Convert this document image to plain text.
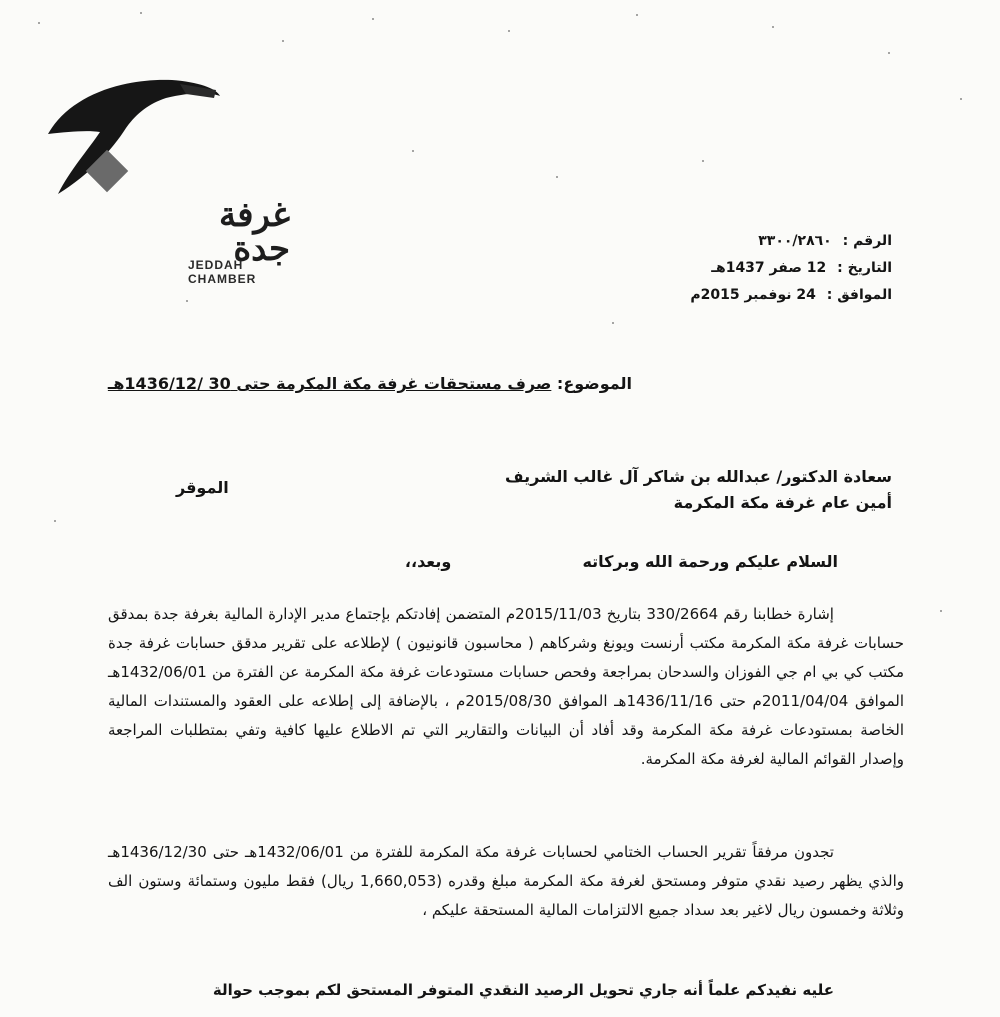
غرفة جدة
JEDDAH CHAMBER
الرقم : ٣٣٠٠/٢٨٦٠
التاريخ : 12 صفر 1437هـ
الموافق : 24 نوفمبر 2015م
الموضوع: صرف مستحقات غرفة مكة المكرمة حتى 30 /1436/12هـ
سعادة الدكتور/ عبدالله بن شاكر آل غالب الشريف
أمين عام غرفة مكة المكرمة
الموقر
السلام عليكم ورحمة الله وبركاته  وبعد،،
إشارة خطابنا رقم 330/2664 بتاريخ 2015/11/03م المتضمن إفادتكم بإجتماع مدير الإدارة المالية بغرفة جدة بمدقق حسابات غرفة مكة المكرمة مكتب أرنست ويونغ وشركاهم ( محاسبون قانونيون ) لإطلاعه على تقرير مدقق حسابات غرفة جدة مكتب كي بي ام جي الفوزان والسدحان بمراجعة وفحص حسابات مستودعات غرفة مكة المكرمة عن الفترة من 1432/06/01هـ الموافق 2011/04/04م حتى 1436/11/16هـ الموافق 2015/08/30م ، بالإضافة إلى إطلاعه على العقود والمستندات المالية الخاصة بمستودعات غرفة مكة المكرمة وقد أفاد أن البيانات والتقارير التي تم الاطلاع عليها كافية وتفي بمتطلبات المراجعة وإصدار القوائم المالية لغرفة مكة المكرمة.
تجدون مرفقاً تقرير الحساب الختامي لحسابات غرفة مكة المكرمة للفترة من 1432/06/01هـ حتى 1436/12/30هـ والذي يظهر رصيد نقدي متوفر ومستحق لغرفة مكة المكرمة مبلغ وقدره (1,660,053 ريال) فقط مليون وستمائة وستون الف وثلاثة وخمسون ريال لاغير بعد سداد جميع الالتزامات المالية المستحقة عليكم ،
عليه نفيدكم علماً أنه جاري تحويل الرصيد النقدي المتوفر المستحق لكم بموجب حوالة
